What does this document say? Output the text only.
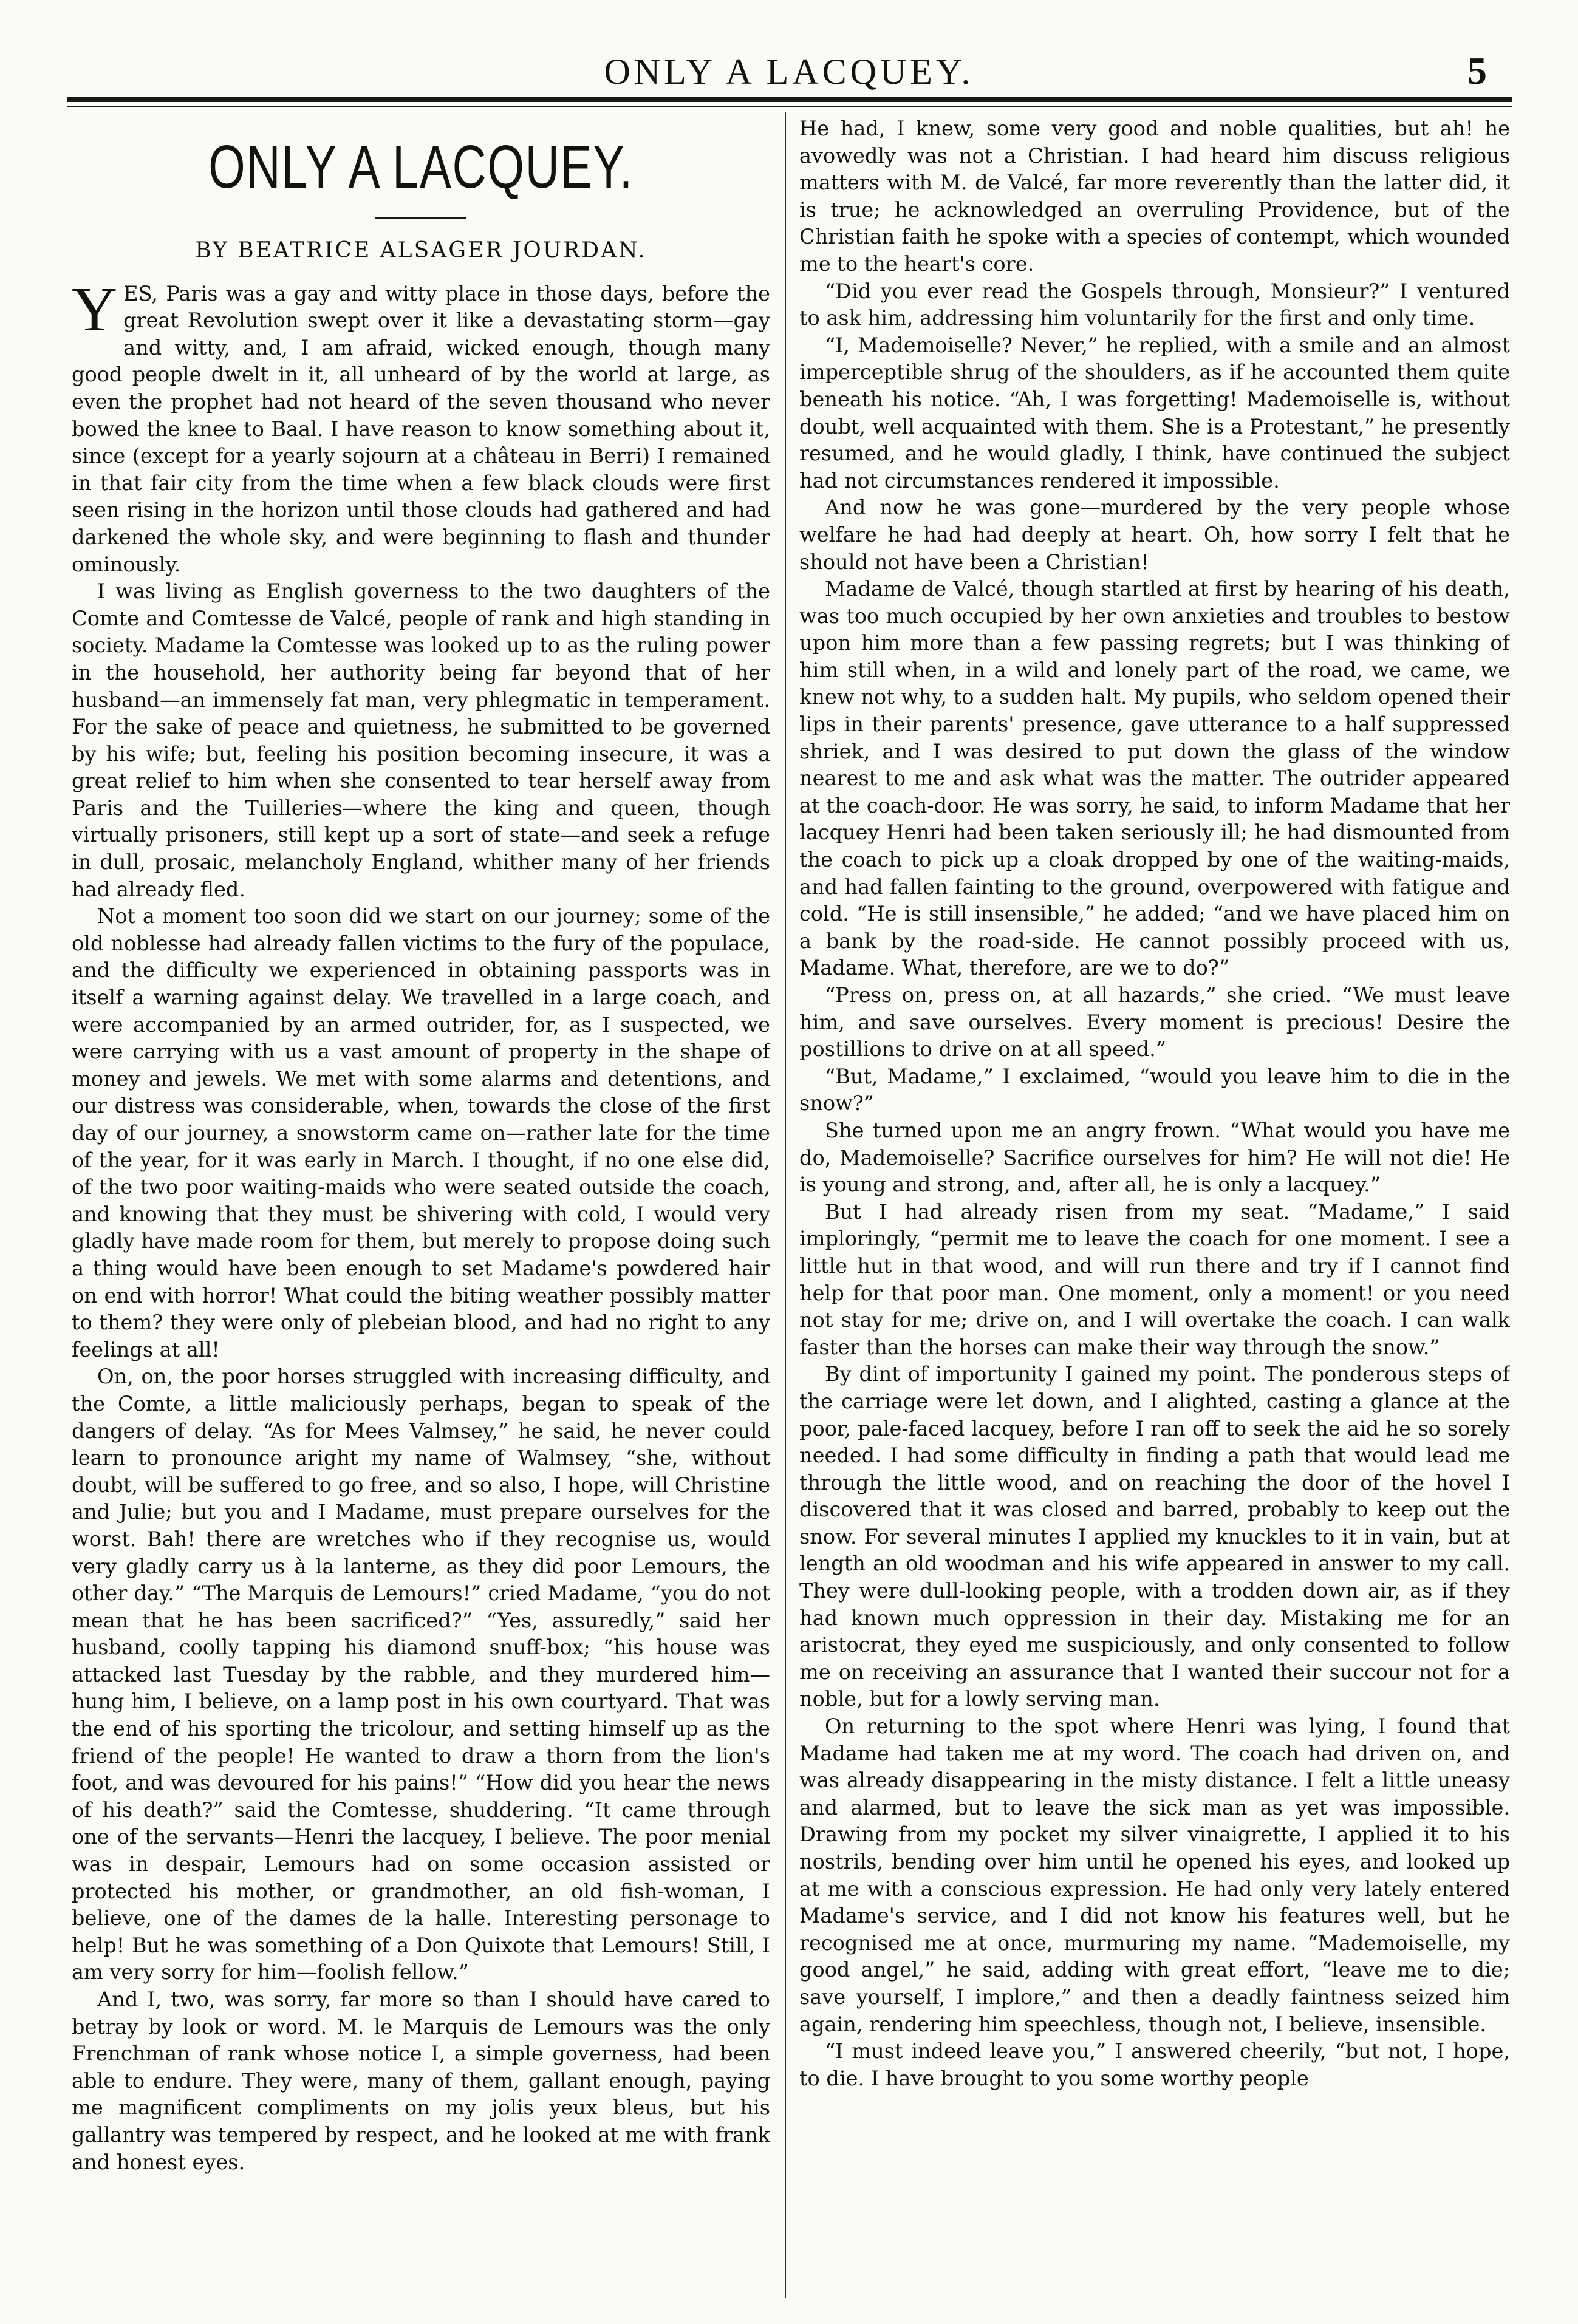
ONLY A LACQUEY.	5
ONLY A LACQUEY.
BY BEATRICE ALSAGER JOURDAN.

YES, Paris was a gay and witty place in those days, before the great Revolution swept over it like a devastating storm—gay and witty, and, I am afraid, wicked enough, though many good people dwelt in it, all unheard of by the world at large, as even the prophet had not heard of the seven thousand who never bowed the knee to Baal. I have reason to know something about it, since (except for a yearly sojourn at a château in Berri) I remained in that fair city from the time when a few black clouds were first seen rising in the horizon until those clouds had gathered and had darkened the whole sky, and were beginning to flash and thunder ominously.

I was living as English governess to the two daughters of the Comte and Comtesse de Valcé, people of rank and high standing in society. Madame la Comtesse was looked up to as the ruling power in the household, her authority being far beyond that of her husband—an immensely fat man, very phlegmatic in temperament. For the sake of peace and quietness, he submitted to be governed by his wife; but, feeling his position becoming insecure, it was a great relief to him when she consented to tear herself away from Paris and the Tuilleries—where the king and queen, though virtually prisoners, still kept up a sort of state—and seek a refuge in dull, prosaic, melancholy England, whither many of her friends had already fled.

Not a moment too soon did we start on our journey; some of the old noblesse had already fallen victims to the fury of the populace, and the difficulty we experienced in obtaining passports was in itself a warning against delay. We travelled in a large coach, and were accompanied by an armed outrider, for, as I suspected, we were carrying with us a vast amount of property in the shape of money and jewels. We met with some alarms and detentions, and our distress was considerable, when, towards the close of the first day of our journey, a snowstorm came on—rather late for the time of the year, for it was early in March. I thought, if no one else did, of the two poor waiting-maids who were seated outside the coach, and knowing that they must be shivering with cold, I would very gladly have made room for them, but merely to propose doing such a thing would have been enough to set Madame's powdered hair on end with horror! What could the biting weather possibly matter to them? they were only of plebeian blood, and had no right to any feelings at all!

On, on, the poor horses struggled with increasing difficulty, and the Comte, a little maliciously perhaps, began to speak of the dangers of delay. “As for Mees Valmsey,” he said, he never could learn to pronounce aright my name of Walmsey, “she, without doubt, will be suffered to go free, and so also, I hope, will Christine and Julie; but you and I Madame, must prepare ourselves for the worst. Bah! there are wretches who if they recognise us, would very gladly carry us à la lanterne, as they did poor Lemours, the other day.” “The Marquis de Lemours!” cried Madame, “you do not mean that he has been sacrificed?” “Yes, assuredly,” said her husband, coolly tapping his diamond snuff-box; “his house was attacked last Tuesday by the rabble, and they murdered him—hung him, I believe, on a lamp post in his own courtyard. That was the end of his sporting the tricolour, and setting himself up as the friend of the people! He wanted to draw a thorn from the lion's foot, and was devoured for his pains!” “How did you hear the news of his death?” said the Comtesse, shuddering. “It came through one of the servants—Henri the lacquey, I believe. The poor menial was in despair, Lemours had on some occasion assisted or protected his mother, or grandmother, an old fish-woman, I believe, one of the dames de la halle. Interesting personage to help! But he was something of a Don Quixote that Lemours! Still, I am very sorry for him—foolish fellow.”

And I, two, was sorry, far more so than I should have cared to betray by look or word. M. le Marquis de Lemours was the only Frenchman of rank whose notice I, a simple governess, had been able to endure. They were, many of them, gallant enough, paying me magnificent compliments on my jolis yeux bleus, but his gallantry was tempered by respect, and he looked at me with frank and honest eyes.

He had, I knew, some very good and noble qualities, but ah! he avowedly was not a Christian. I had heard him discuss religious matters with M. de Valcé, far more reverently than the latter did, it is true; he acknowledged an overruling Providence, but of the Christian faith he spoke with a species of contempt, which wounded me to the heart's core.

“Did you ever read the Gospels through, Monsieur?” I ventured to ask him, addressing him voluntarily for the first and only time.

“I, Mademoiselle? Never,” he replied, with a smile and an almost imperceptible shrug of the shoulders, as if he accounted them quite beneath his notice. “Ah, I was forgetting! Mademoiselle is, without doubt, well acquainted with them. She is a Protestant,” he presently resumed, and he would gladly, I think, have continued the subject had not circumstances rendered it impossible.

And now he was gone—murdered by the very people whose welfare he had had deeply at heart. Oh, how sorry I felt that he should not have been a Christian!

Madame de Valcé, though startled at first by hearing of his death, was too much occupied by her own anxieties and troubles to bestow upon him more than a few passing regrets; but I was thinking of him still when, in a wild and lonely part of the road, we came, we knew not why, to a sudden halt. My pupils, who seldom opened their lips in their parents' presence, gave utterance to a half suppressed shriek, and I was desired to put down the glass of the window nearest to me and ask what was the matter. The outrider appeared at the coach-door. He was sorry, he said, to inform Madame that her lacquey Henri had been taken seriously ill; he had dismounted from the coach to pick up a cloak dropped by one of the waiting-maids, and had fallen fainting to the ground, overpowered with fatigue and cold. “He is still insensible,” he added; “and we have placed him on a bank by the road-side. He cannot possibly proceed with us, Madame. What, therefore, are we to do?”

“Press on, press on, at all hazards,” she cried. “We must leave him, and save ourselves. Every moment is precious! Desire the postillions to drive on at all speed.”

“But, Madame,” I exclaimed, “would you leave him to die in the snow?”

She turned upon me an angry frown. “What would you have me do, Mademoiselle? Sacrifice ourselves for him? He will not die! He is young and strong, and, after all, he is only a lacquey.”

But I had already risen from my seat. “Madame,” I said imploringly, “permit me to leave the coach for one moment. I see a little hut in that wood, and will run there and try if I cannot find help for that poor man. One moment, only a moment! or you need not stay for me; drive on, and I will overtake the coach. I can walk faster than the horses can make their way through the snow.”

By dint of importunity I gained my point. The ponderous steps of the carriage were let down, and I alighted, casting a glance at the poor, pale-faced lacquey, before I ran off to seek the aid he so sorely needed. I had some difficulty in finding a path that would lead me through the little wood, and on reaching the door of the hovel I discovered that it was closed and barred, probably to keep out the snow. For several minutes I applied my knuckles to it in vain, but at length an old woodman and his wife appeared in answer to my call. They were dull-looking people, with a trodden down air, as if they had known much oppression in their day. Mistaking me for an aristocrat, they eyed me suspiciously, and only consented to follow me on receiving an assurance that I wanted their succour not for a noble, but for a lowly serving man.

On returning to the spot where Henri was lying, I found that Madame had taken me at my word. The coach had driven on, and was already disappearing in the misty distance. I felt a little uneasy and alarmed, but to leave the sick man as yet was impossible. Drawing from my pocket my silver vinaigrette, I applied it to his nostrils, bending over him until he opened his eyes, and looked up at me with a conscious expression. He had only very lately entered Madame's service, and I did not know his features well, but he recognised me at once, murmuring my name. “Mademoiselle, my good angel,” he said, adding with great effort, “leave me to die; save yourself, I implore,” and then a deadly faintness seized him again, rendering him speechless, though not, I believe, insensible.

“I must indeed leave you,” I answered cheerily, “but not, I hope, to die. I have brought to you some worthy people
